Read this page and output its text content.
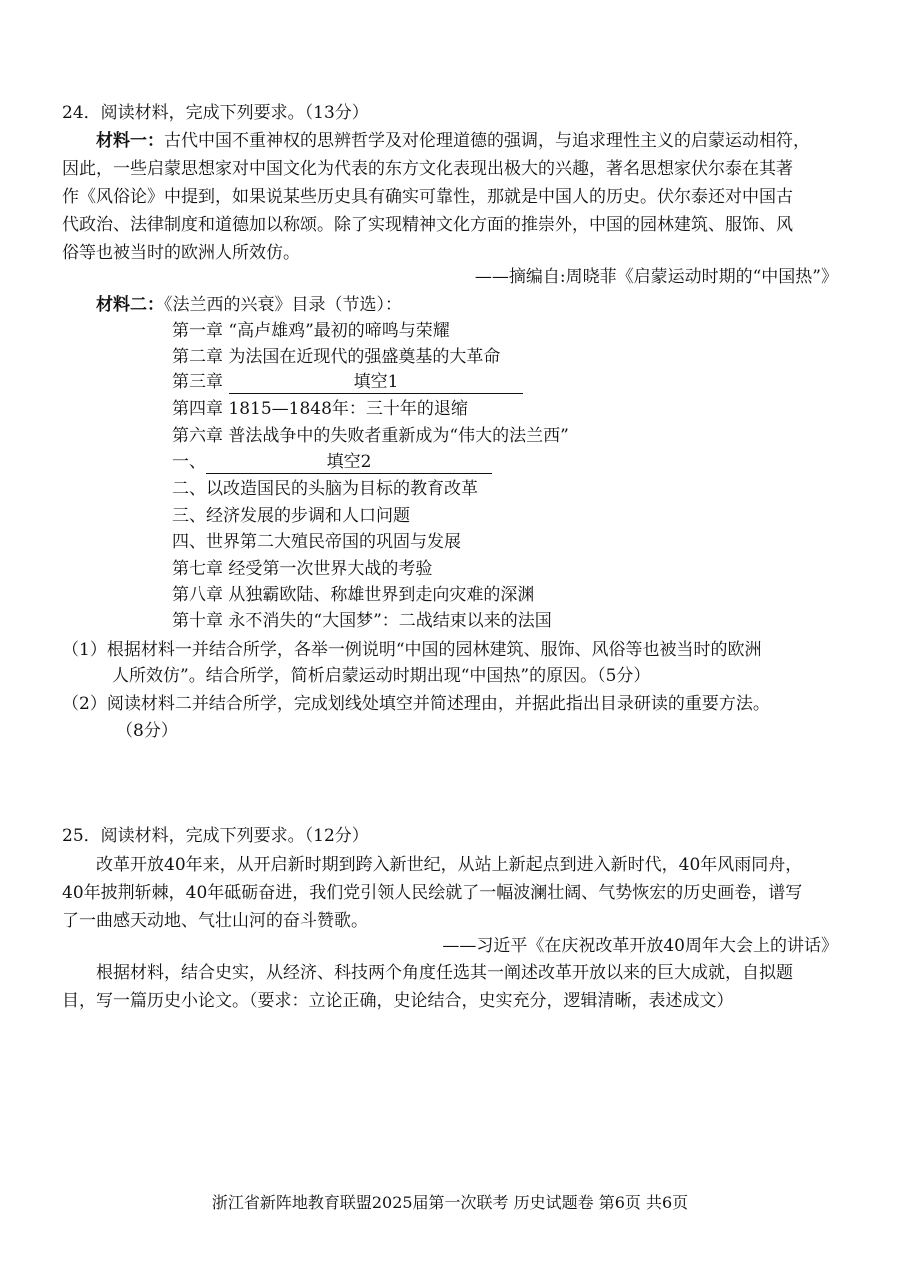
24．阅读材料，完成下列要求。（13分）
材料一：古代中国不重神权的思辨哲学及对伦理道德的强调，与追求理性主义的启蒙运动相符，
因此，一些启蒙思想家对中国文化为代表的东方文化表现出极大的兴趣，著名思想家伏尔泰在其著
作《风俗论》中提到，如果说某些历史具有确实可靠性，那就是中国人的历史。伏尔泰还对中国古
代政治、法律制度和道德加以称颂。除了实现精神文化方面的推崇外，中国的园林建筑、服饰、风
俗等也被当时的欧洲人所效仿。
——摘编自:周晓菲《启蒙运动时期的“中国热”》
材料二：《法兰西的兴衰》目录（节选）：
第一章 “高卢雄鸡”最初的啼鸣与荣耀
第二章 为法国在近现代的强盛奠基的大革命
第三章	填空1
第四章 1815—1848年：三十年的退缩
第六章 普法战争中的失败者重新成为“伟大的法兰西”
一、	填空2
二、以改造国民的头脑为目标的教育改革
三、经济发展的步调和人口问题
四、世界第二大殖民帝国的巩固与发展
第七章 经受第一次世界大战的考验
第八章 从独霸欧陆、称雄世界到走向灾难的深渊
第十章 永不消失的“大国梦”：二战结束以来的法国
（1）根据材料一并结合所学，各举一例说明“中国的园林建筑、服饰、风俗等也被当时的欧洲
人所效仿”。结合所学，简析启蒙运动时期出现“中国热”的原因。（5分）
（2）阅读材料二并结合所学，完成划线处填空并简述理由，并据此指出目录研读的重要方法。
（8分）
25．阅读材料，完成下列要求。（12分）
改革开放40年来，从开启新时期到跨入新世纪，从站上新起点到进入新时代，40年风雨同舟，
40年披荆斩棘，40年砥砺奋进，我们党引领人民绘就了一幅波澜壮阔、气势恢宏的历史画卷，谱写
了一曲感天动地、气壮山河的奋斗赞歌。
——习近平《在庆祝改革开放40周年大会上的讲话》
根据材料，结合史实，从经济、科技两个角度任选其一阐述改革开放以来的巨大成就，自拟题
目，写一篇历史小论文。（要求：立论正确，史论结合，史实充分，逻辑清晰，表述成文）
浙江省新阵地教育联盟2025届第一次联考 历史试题卷 第6页 共6页
